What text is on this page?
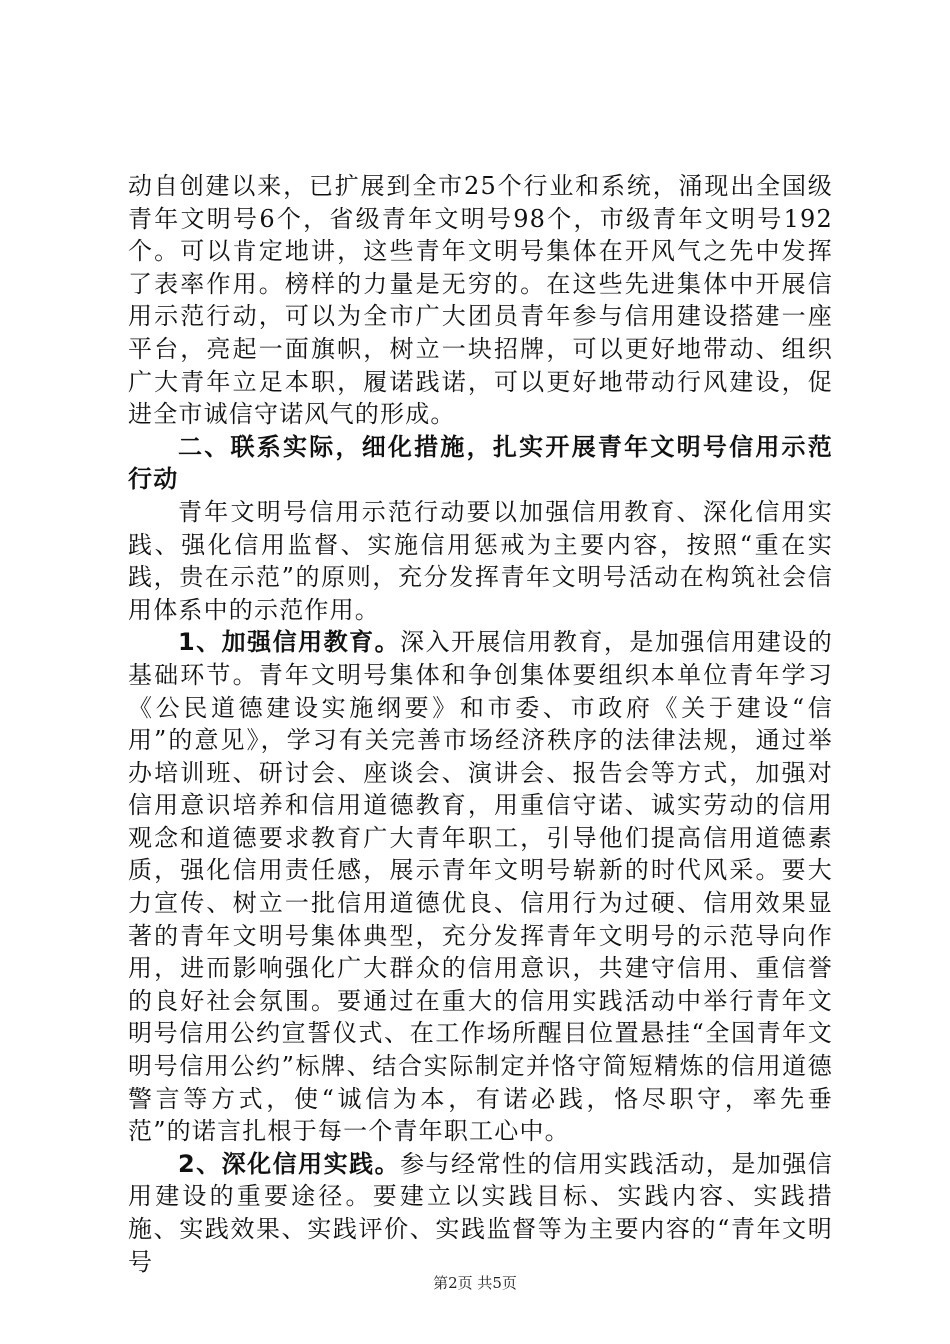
动自创建以来，已扩展到全市25个行业和系统，涌现出全国级青年文明号6个，省级青年文明号98个，市级青年文明号192个。可以肯定地讲，这些青年文明号集体在开风气之先中发挥了表率作用。榜样的力量是无穷的。在这些先进集体中开展信用示范行动，可以为全市广大团员青年参与信用建设搭建一座平台，亮起一面旗帜，树立一块招牌，可以更好地带动、组织广大青年立足本职，履诺践诺，可以更好地带动行风建设，促进全市诚信守诺风气的形成。

二、联系实际，细化措施，扎实开展青年文明号信用示范行动

青年文明号信用示范行动要以加强信用教育、深化信用实践、强化信用监督、实施信用惩戒为主要内容，按照“重在实践，贵在示范”的原则，充分发挥青年文明号活动在构筑社会信用体系中的示范作用。

1、加强信用教育。深入开展信用教育，是加强信用建设的基础环节。青年文明号集体和争创集体要组织本单位青年学习《公民道德建设实施纲要》和市委、市政府《关于建设“信用”的意见》，学习有关完善市场经济秩序的法律法规，通过举办培训班、研讨会、座谈会、演讲会、报告会等方式，加强对信用意识培养和信用道德教育，用重信守诺、诚实劳动的信用观念和道德要求教育广大青年职工，引导他们提高信用道德素质，强化信用责任感，展示青年文明号崭新的时代风采。要大力宣传、树立一批信用道德优良、信用行为过硬、信用效果显著的青年文明号集体典型，充分发挥青年文明号的示范导向作用，进而影响强化广大群众的信用意识，共建守信用、重信誉的良好社会氛围。要通过在重大的信用实践活动中举行青年文明号信用公约宣誓仪式、在工作场所醒目位置悬挂“全国青年文明号信用公约”标牌、结合实际制定并恪守简短精炼的信用道德警言等方式，使“诚信为本，有诺必践，恪尽职守，率先垂范”的诺言扎根于每一个青年职工心中。

2、深化信用实践。参与经常性的信用实践活动，是加强信用建设的重要途径。要建立以实践目标、实践内容、实践措施、实践效果、实践评价、实践监督等为主要内容的“青年文明号

第2页 共5页
